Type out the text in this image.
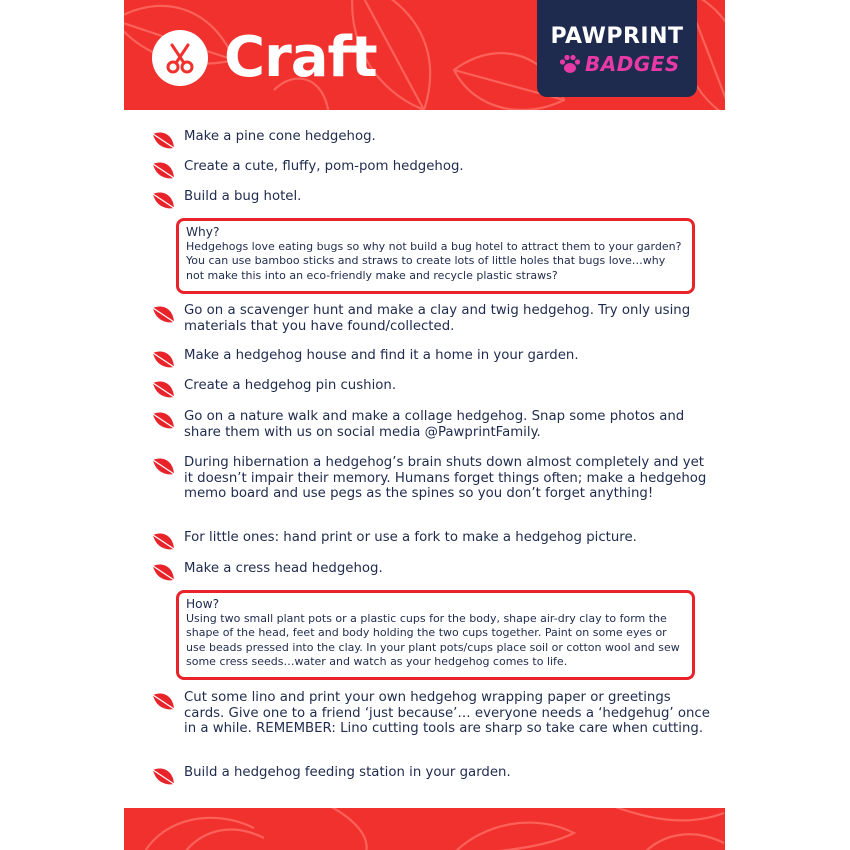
Craft	PAWPRINT
BADGES
Make a pine cone hedgehog.
Create a cute, fluffy, pom-pom hedgehog.
Build a bug hotel.
Why?
Hedgehogs love eating bugs so why not build a bug hotel to attract them to your garden? You can use bamboo sticks and straws to create lots of little holes that bugs love…why not make this into an eco-friendly make and recycle plastic straws?
Go on a scavenger hunt and make a clay and twig hedgehog. Try only using materials that you have found/collected.
Make a hedgehog house and find it a home in your garden.
Create a hedgehog pin cushion.
Go on a nature walk and make a collage hedgehog. Snap some photos and share them with us on social media @PawprintFamily.
During hibernation a hedgehog’s brain shuts down almost completely and yet it doesn’t impair their memory. Humans forget things often; make a hedgehog memo board and use pegs as the spines so you don’t forget anything!
For little ones: hand print or use a fork to make a hedgehog picture.
Make a cress head hedgehog.
How?
Using two small plant pots or a plastic cups for the body, shape air-dry clay to form the shape of the head, feet and body holding the two cups together. Paint on some eyes or use beads pressed into the clay. In your plant pots/cups place soil or cotton wool and sew some cress seeds…water and watch as your hedgehog comes to life.
Cut some lino and print your own hedgehog wrapping paper or greetings cards. Give one to a friend ‘just because’… everyone needs a ‘hedgehug’ once in a while. REMEMBER: Lino cutting tools are sharp so take care when cutting.
Build a hedgehog feeding station in your garden.
